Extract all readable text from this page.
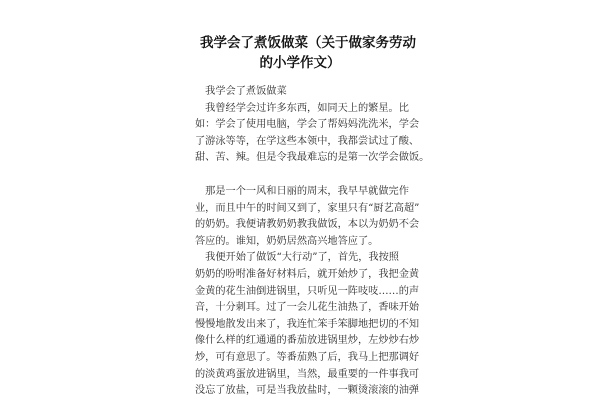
我学会了煮饭做菜（关于做家务劳动
的小学作文）

　我学会了煮饭做菜
　我曾经学会过许多东西，如同天上的繁星。比
如：学会了使用电脑，学会了帮妈妈洗洗米，学会
了游泳等等，在学这些本领中，我都尝试过了酸、
甜、苦、辣。但是令我最难忘的是第一次学会做饭。

　那是一个一风和日丽的周末，我早早就做完作
业，而且中午的时间又到了，家里只有“厨艺高超”
的奶奶。我便请教奶奶教我做饭，本以为奶奶不会
答应的。谁知，奶奶居然高兴地答应了。

　我便开始了做饭“大行动”了，首先，我按照
奶奶的吩咐准备好材料后，就开始炒了，我把金黄
金黄的花生油倒进锅里，只听见一阵吱吱……的声
音，十分刺耳。过了一会儿花生油热了，香味开始
慢慢地散发出来了，我连忙笨手笨脚地把切的不知
像什么样的红通通的番茄放进锅里炒，左炒炒右炒
炒，可有意思了。等番茄熟了后，我马上把那调好
的淡黄鸡蛋放进锅里，当然，最重要的一件事我可
没忘了放盐，可是当我放盐时，一颗烫滚滚的油弹
